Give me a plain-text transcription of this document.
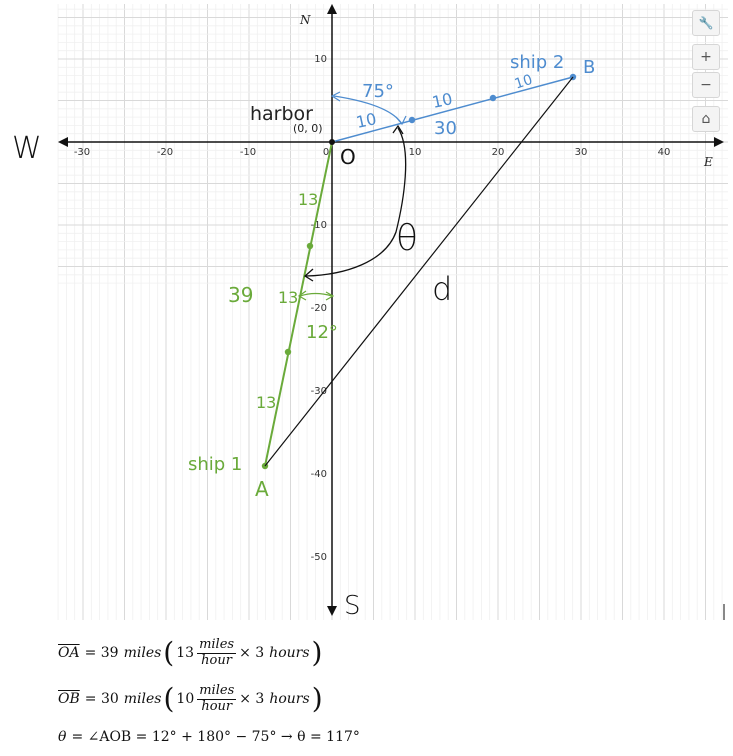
N
E
-30	-20	-10	10	20	30	40
0
10
-10
-20
-30
-40
-50
W
S
harbor
(0, 0)
O
75°
ship 2 B
10
10
10
30
θ
d
13
13
13
39
12°
ship 1
A
🔧
+
−
⌂
$\overline{OA} = 39$ miles ( $13 \frac{\text{miles}}{\text{hour}} \times 3$ hours )
$\overline{OB} = 30$ miles ( $10 \frac{\text{miles}}{\text{hour}} \times 3$ hours )
θ = ∠AOB = 12° + 180° − 75° → θ = 117°
